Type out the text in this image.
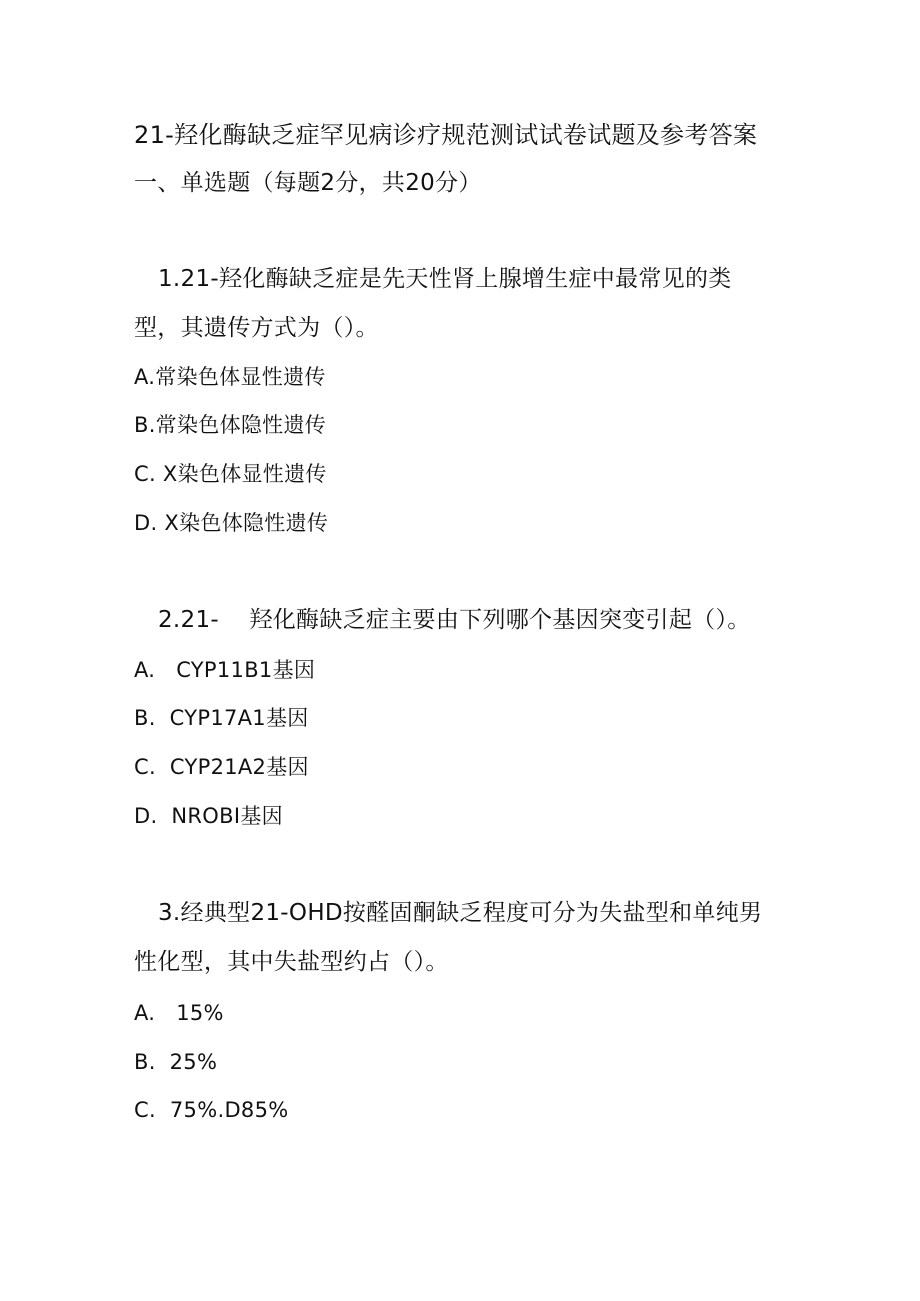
21-羟化酶缺乏症罕见病诊疗规范测试试卷试题及参考答案
一、单选题（每题2分，共20分）
1.21-羟化酶缺乏症是先天性肾上腺增生症中最常见的类
型，其遗传方式为（）。
A.常染色体显性遗传
B.常染色体隐性遗传
C. X染色体显性遗传
D. X染色体隐性遗传
2.21-    羟化酶缺乏症主要由下列哪个基因突变引起（）。
A.   CYP11B1基因
B.  CYP17A1基因
C.  CYP21A2基因
D.  NROBI基因
3.经典型21-OHD按醛固酮缺乏程度可分为失盐型和单纯男
性化型，其中失盐型约占（）。
A.   15%
B.  25%
C.  75%.D85%
